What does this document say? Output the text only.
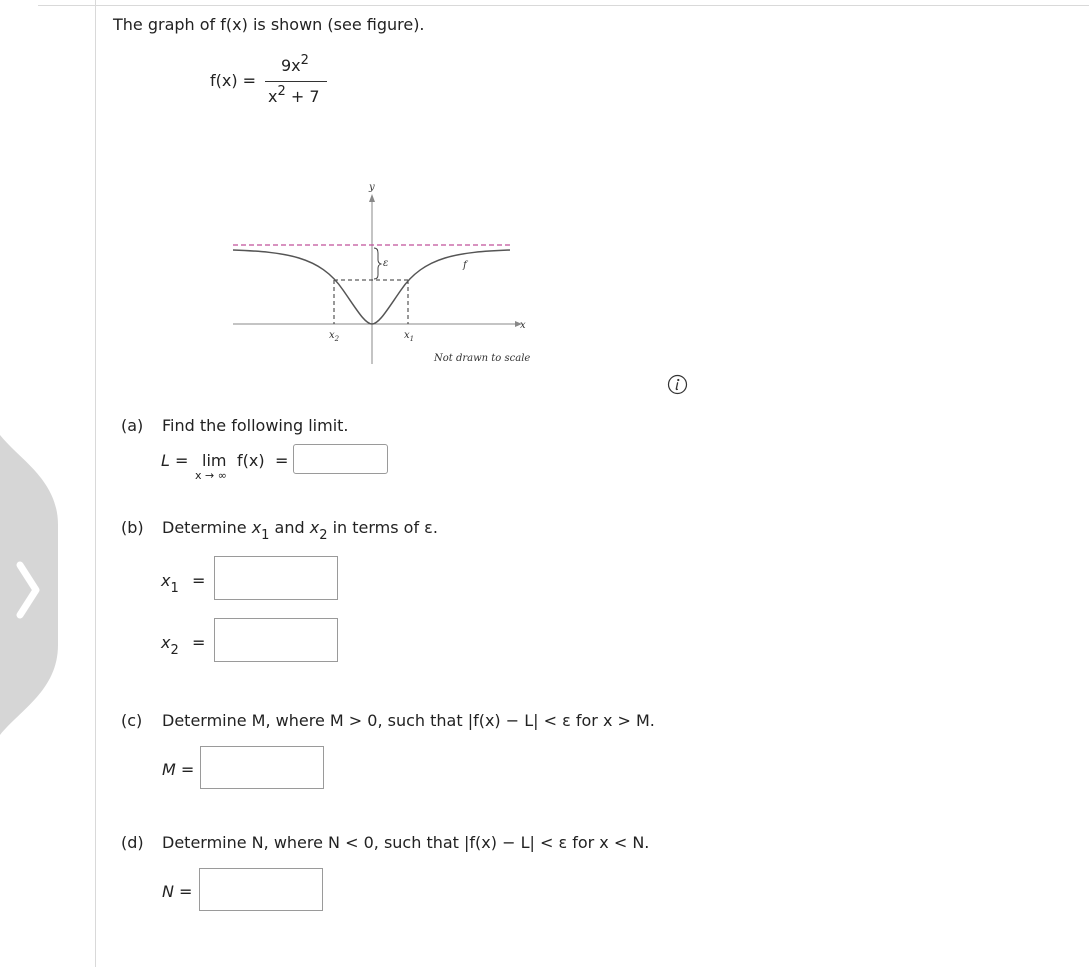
The graph of f(x) is shown (see figure).
f(x) =
$9x^2$
$x^2 + 7$
ε
y
x
f
$x_2$	$x_1$
Not drawn to scale
(a) Find the following limit.
L = lim
x → ∞
f(x) =
(b) Determine $x_1$ and $x_2$ in terms of ε.
$x_1$ =
$x_2$ =
(c) Determine M, where M > 0, such that |f(x) − L| < ε for x > M.
M =
(d) Determine N, where N < 0, such that |f(x) − L| < ε for x < N.
N =
